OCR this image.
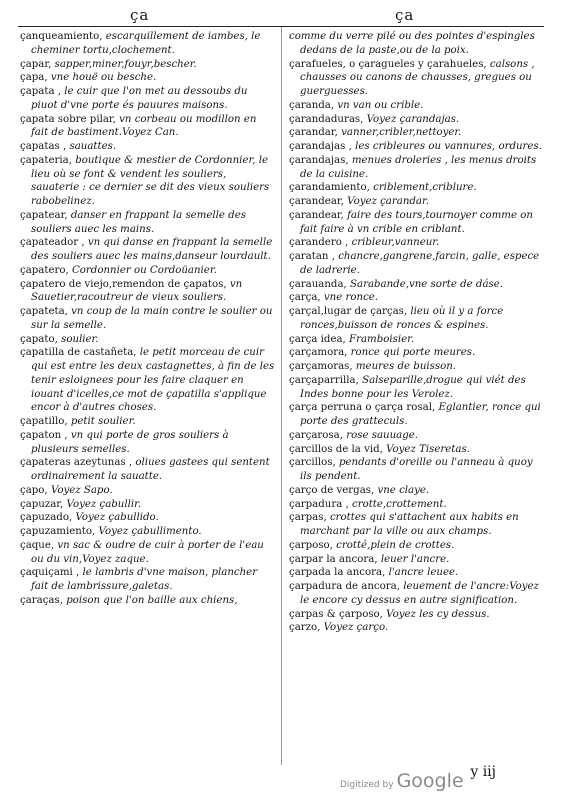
ça	ça

çanqueamiento, escarquillement de iambes, le cheminer tortu,clochement.

çapar, sapper,miner,fouyr,bescher.

çapa, vne houë ou besche.

çapata , le cuir que l'on met au dessoubs du piuot d'vne porte és pauures maisons.

çapata sobre pilar, vn corbeau ou modillon en fait de bastiment.Voyez Can.

çapatas , sauattes.

çapateria, boutique & mestier de Cordonnier, le lieu où se font & vendent les souliers, sauaterie : ce dernier se dit des vieux souliers rabobelinez.

çapatear, danser en frappant la semelle des souliers auec les mains.

çapateador , vn qui danse en frappant la semelle des souliers auec les mains,danseur lourdault.

çapatero, Cordonnier ou Cordoüanier.

çapatero de viejo,remendon de çapatos, vn Sauetier,racoutreur de vieux souliers.

çapateta, vn coup de la main contre le soulier ou sur la semelle.

çapato, soulier.

çapatilla de castañeta, le petit morceau de cuir qui est entre les deux castagnettes, à fin de les tenir esloignees pour les faire claquer en iouant d'icelles,ce mot de çapatilla s'applique encor à d'autres choses.

çapatillo, petit soulier.

çapaton , vn qui porte de gros souliers à plusieurs semelles.

çapateras azeytunas , oliues gastees qui sentent ordinairement la sauatte.

çapo, Voyez Sapo.

çapuzar, Voyez çabullir.

çapuzado, Voyez çabullido.

çapuzamiento, Voyez çabullimento.

çaque, vn sac & oudre de cuir à porter de l'eau ou du vin,Voyez zaque.

çaquiçami , le lambris d'vne maison, plancher fait de lambrissure,galetas.

çaraças, poison que l'on baille aux chiens,

comme du verre pilé ou des pointes d'espingles dedans de la paste,ou de la poix.

çarafueles, o çaragueles y çarahueles, calsons , chausses ou canons de chausses, gregues ou guerguesses.

çaranda, vn van ou crible.

çarandaduras, Voyez çarandajas.

çarandar, vanner,cribler,nettoyer.

çarandajas , les cribleures ou vannures, ordures.

çarandajas, menues droleries , les menus droits de la cuisine.

çarandamiento, criblement,criblure.

çarandear, Voyez çarandar.

çarandear, faire des tours,tournoyer comme on fait faire à vn crible en criblant.

çarandero , cribleur,vanneur.

çaratan , chancre,gangrene,farcin, galle, espece de ladrerie.

çarauanda, Sarabande,vne sorte de dáse.

çarça, vne ronce.

çarçal,lugar de çarças, lieu où il y a force ronces,buisson de ronces & espines.

çarça idea, Framboisier.

çarçamora, ronce qui porte meures.

çarçamoras, meures de buisson.

çarçaparrilla, Salseparille,drogue qui viét des Indes bonne pour les Verolez.

çarça perruna o çarça rosal, Eglantier, ronce qui porte des gratteculs.

çarçarosa, rose sauuage.

çarcillos de la vid, Voyez Tiseretas.

çarcillos, pendants d'oreille ou l'anneau à quoy ils pendent.

çarço de vergas, vne claye.

çarpadura , crotte,crottement.

çarpas, crottes qui s'attachent aux habits en marchant par la ville ou aux champs.

çarposo, crotté,plein de crottes.

çarpar la ancora, leuer l'ancre.

çarpada la ancora, l'ancre leuee.

çarpadura de ancora, leuement de l'ancre:Voyez le encore cy dessus en autre signification.

çarpas & çarposo, Voyez les cy dessus.

çarzo, Voyez çarço.

y iij
Digitized by Google
